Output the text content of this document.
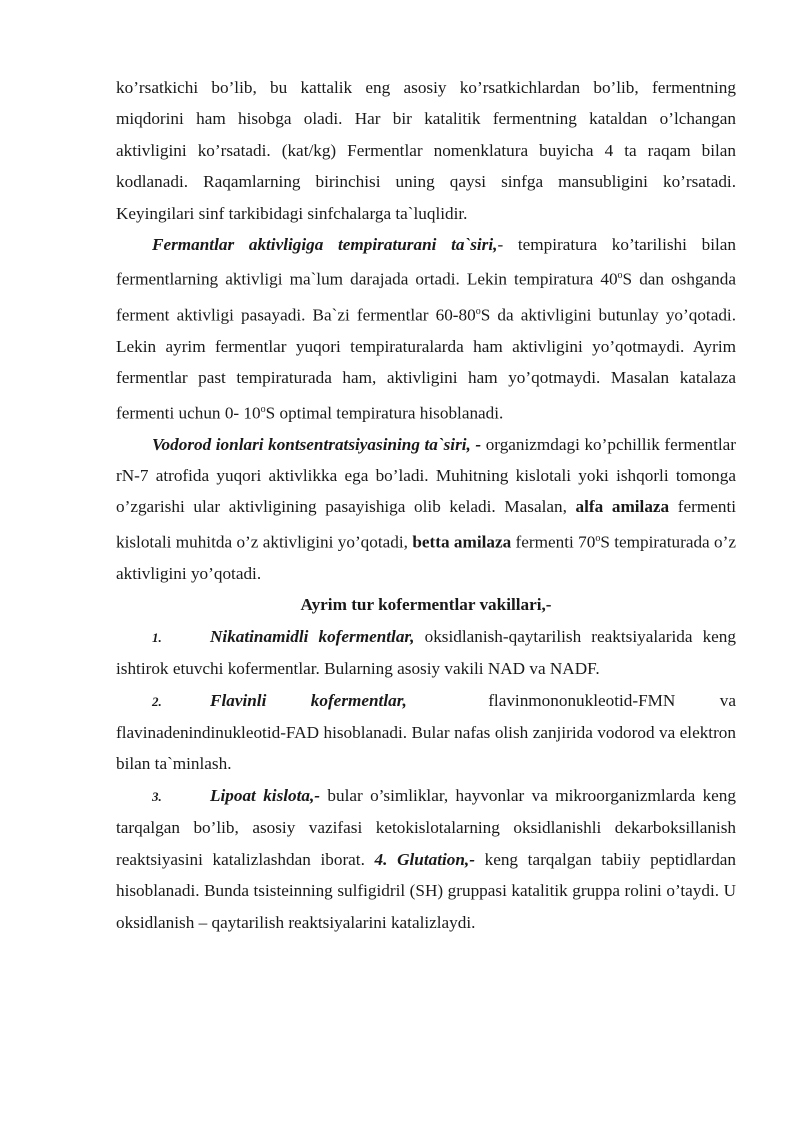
ko’rsatkichi bo’lib, bu kattalik eng asosiy ko’rsatkichlardan bo’lib, fermentning miqdorini ham hisobga oladi. Har bir katalitik fermentning kataldan o’lchangan aktivligini ko’rsatadi. (kat/kg) Fermentlar nomenklatura buyicha 4 ta raqam bilan kodlanadi. Raqamlarning birinchisi uning qaysi sinfga mansubligini ko’rsatadi. Keyingilari sinf tarkibidagi sinfchalarga ta`luqlidir.

Fermantlar aktivligiga tempiraturani ta`siri,- tempiratura ko’tarilishi bilan fermentlarning aktivligi ma`lum darajada ortadi. Lekin tempiratura 40$^o$S dan oshganda ferment aktivligi pasayadi. Ba`zi fermentlar 60-80$^o$S da aktivligini butunlay yo’qotadi. Lekin ayrim fermentlar yuqori tempiraturalarda ham aktivligini yo’qotmaydi. Ayrim fermentlar past tempiraturada ham, aktivligini ham yo’qotmaydi. Masalan katalaza fermenti uchun 0- 10$^o$S optimal tempiratura hisoblanadi.

Vodorod ionlari kontsentratsiyasining ta`siri, - organizmdagi ko’pchillik fermentlar rN-7 atrofida yuqori aktivlikka ega bo’ladi. Muhitning kislotali yoki ishqorli tomonga o’zgarishi ular aktivligining pasayishiga olib keladi. Masalan, alfa amilaza fermenti kislotali muhitda o’z aktivligini yo’qotadi, betta amilaza fermenti 70$^o$S tempiraturada o’z aktivligini yo’qotadi.

Ayrim tur kofermentlar vakillari,-

1.	Nikatinamidli kofermentlar, oksidlanish-qaytarilish reaktsiyalarida keng ishtirok etuvchi kofermentlar. Bularning asosiy vakili NAD va NADF.

2.	Flavinli      kofermentlar,           flavinmononukleotid-FMN      va flavinadenindinukleotid-FAD hisoblanadi. Bular nafas olish zanjirida vodorod va elektron bilan ta`minlash.

3.	Lipoat kislota,- bular o’simliklar, hayvonlar va mikroorganizmlarda keng tarqalgan bo’lib, asosiy vazifasi ketokislotalarning oksidlanishli dekarboksillanish reaktsiyasini katalizlashdan iborat. 4. Glutation,- keng tarqalgan tabiiy peptidlardan hisoblanadi. Bunda tsisteinning sulfigidril (SH) gruppasi katalitik gruppa rolini o’taydi. U oksidlanish – qaytarilish reaktsiyalarini katalizlaydi.
